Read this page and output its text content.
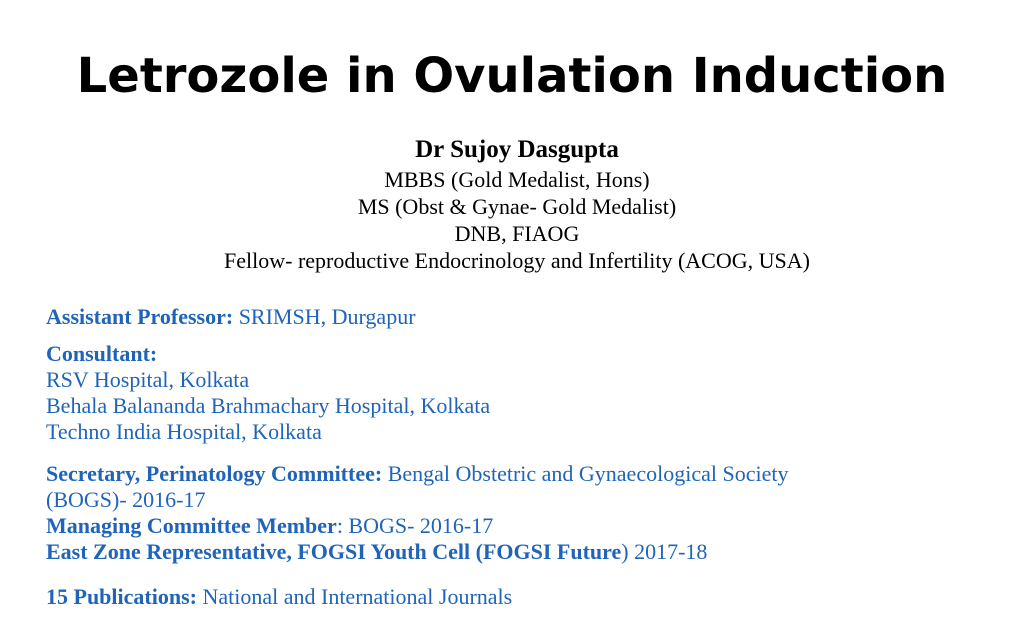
Letrozole in Ovulation Induction
Dr Sujoy Dasgupta
MBBS (Gold Medalist, Hons)
MS (Obst & Gynae- Gold Medalist)
DNB, FIAOG
Fellow- reproductive Endocrinology and Infertility (ACOG, USA)
Assistant Professor: SRIMSH, Durgapur
Consultant:
RSV Hospital, Kolkata
Behala Balananda Brahmachary Hospital, Kolkata
Techno India Hospital, Kolkata
Secretary, Perinatology Committee: Bengal Obstetric and Gynaecological Society
(BOGS)- 2016-17
Managing Committee Member: BOGS- 2016-17
East Zone Representative, FOGSI Youth Cell (FOGSI Future) 2017-18
15 Publications: National and International Journals
